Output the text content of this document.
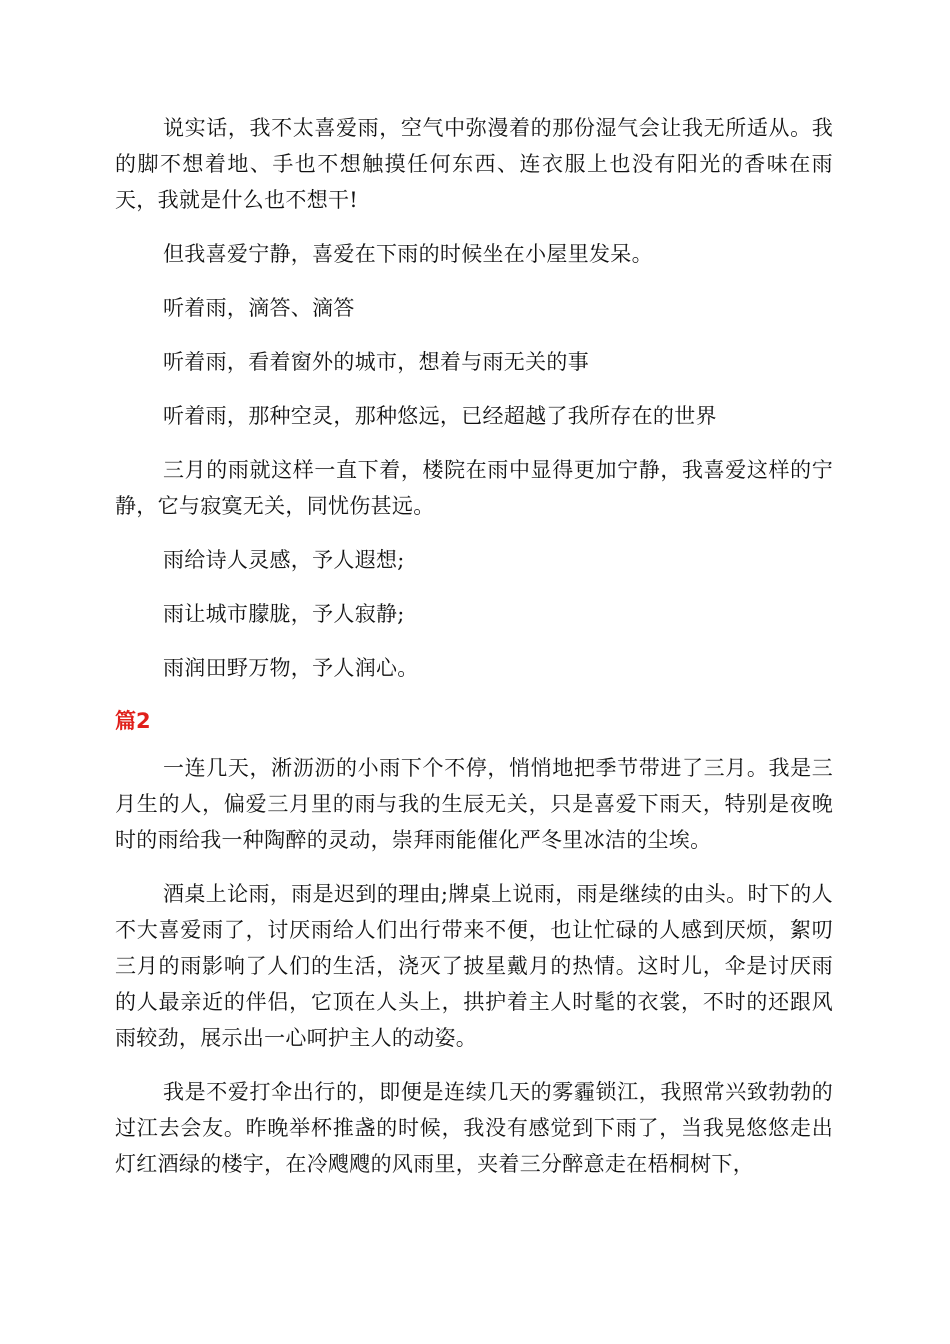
说实话，我不太喜爱雨，空气中弥漫着的那份湿气会让我无所适从。我的脚不想着地、手也不想触摸任何东西、连衣服上也没有阳光的香味在雨天，我就是什么也不想干!

但我喜爱宁静，喜爱在下雨的时候坐在小屋里发呆。

听着雨，滴答、滴答

听着雨，看着窗外的城市，想着与雨无关的事

听着雨，那种空灵，那种悠远，已经超越了我所存在的世界

三月的雨就这样一直下着，楼院在雨中显得更加宁静，我喜爱这样的宁静，它与寂寞无关，同忧伤甚远。

雨给诗人灵感，予人遐想;

雨让城市朦胧，予人寂静;

雨润田野万物，予人润心。

篇2

一连几天，淅沥沥的小雨下个不停，悄悄地把季节带进了三月。我是三月生的人，偏爱三月里的雨与我的生辰无关，只是喜爱下雨天，特别是夜晚时的雨给我一种陶醉的灵动，崇拜雨能催化严冬里冰洁的尘埃。

酒桌上论雨，雨是迟到的理由;牌桌上说雨，雨是继续的由头。时下的人不大喜爱雨了，讨厌雨给人们出行带来不便，也让忙碌的人感到厌烦，絮叨三月的雨影响了人们的生活，浇灭了披星戴月的热情。这时儿，伞是讨厌雨的人最亲近的伴侣，它顶在人头上，拱护着主人时髦的衣裳，不时的还跟风雨较劲，展示出一心呵护主人的动姿。

我是不爱打伞出行的，即便是连续几天的雾霾锁江，我照常兴致勃勃的过江去会友。昨晚举杯推盏的时候，我没有感觉到下雨了，当我晃悠悠走出灯红酒绿的楼宇，在冷飕飕的风雨里，夹着三分醉意走在梧桐树下，
